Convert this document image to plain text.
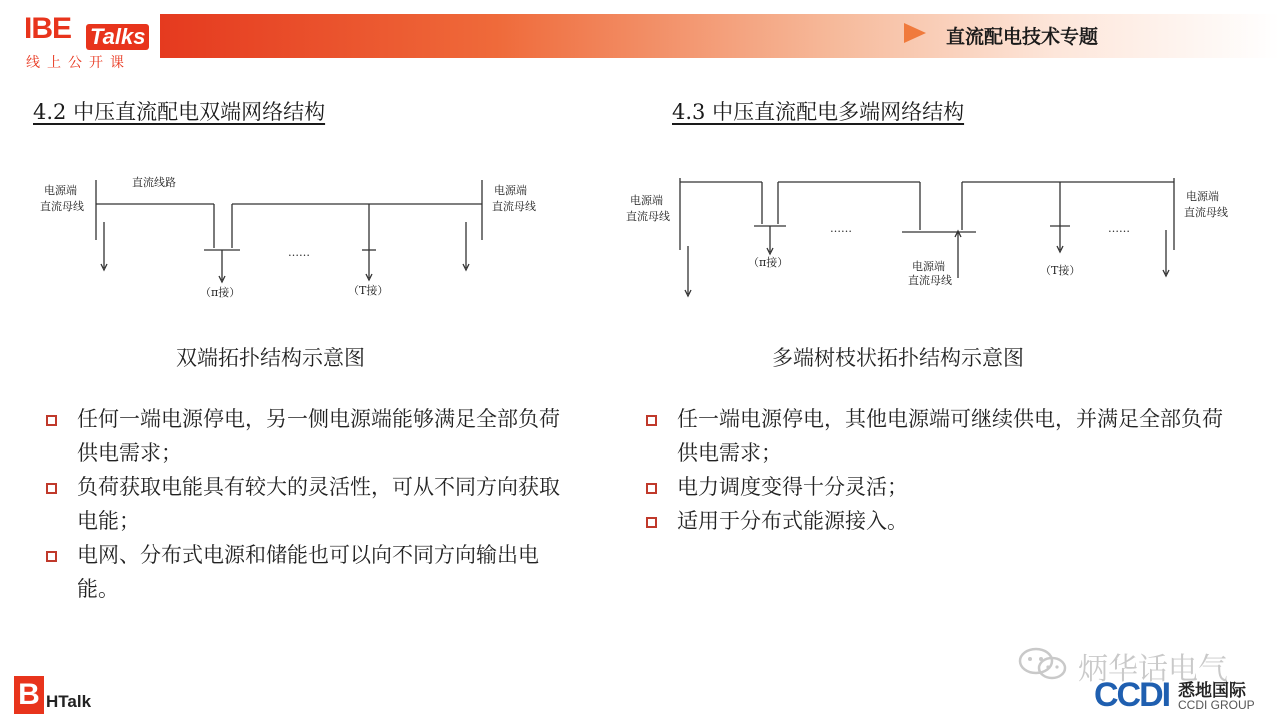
IBE Talks
线上公开课
直流配电技术专题
4.2 中压直流配电双端网络结构
电源端
直流母线
直流线路
电源端
直流母线
……
（π接）	（T接）
双端拓扑结构示意图
任何一端电源停电，另一侧电源端能够满足全部负荷供电需求；
负荷获取电能具有较大的灵活性，可从不同方向获取电能；
电网、分布式电源和储能也可以向不同方向输出电能。
4.3 中压直流配电多端网络结构
电源端
直流母线
电源端
直流母线
电源端
直流母线
……	……
（π接）
（T接）
多端树枝状拓扑结构示意图
任一端电源停电，其他电源端可继续供电，并满足全部负荷供电需求；
电力调度变得十分灵活；
适用于分布式能源接入。
B HTalk
炳华话电气
CCDI 悉地国际
CCDI GROUP
